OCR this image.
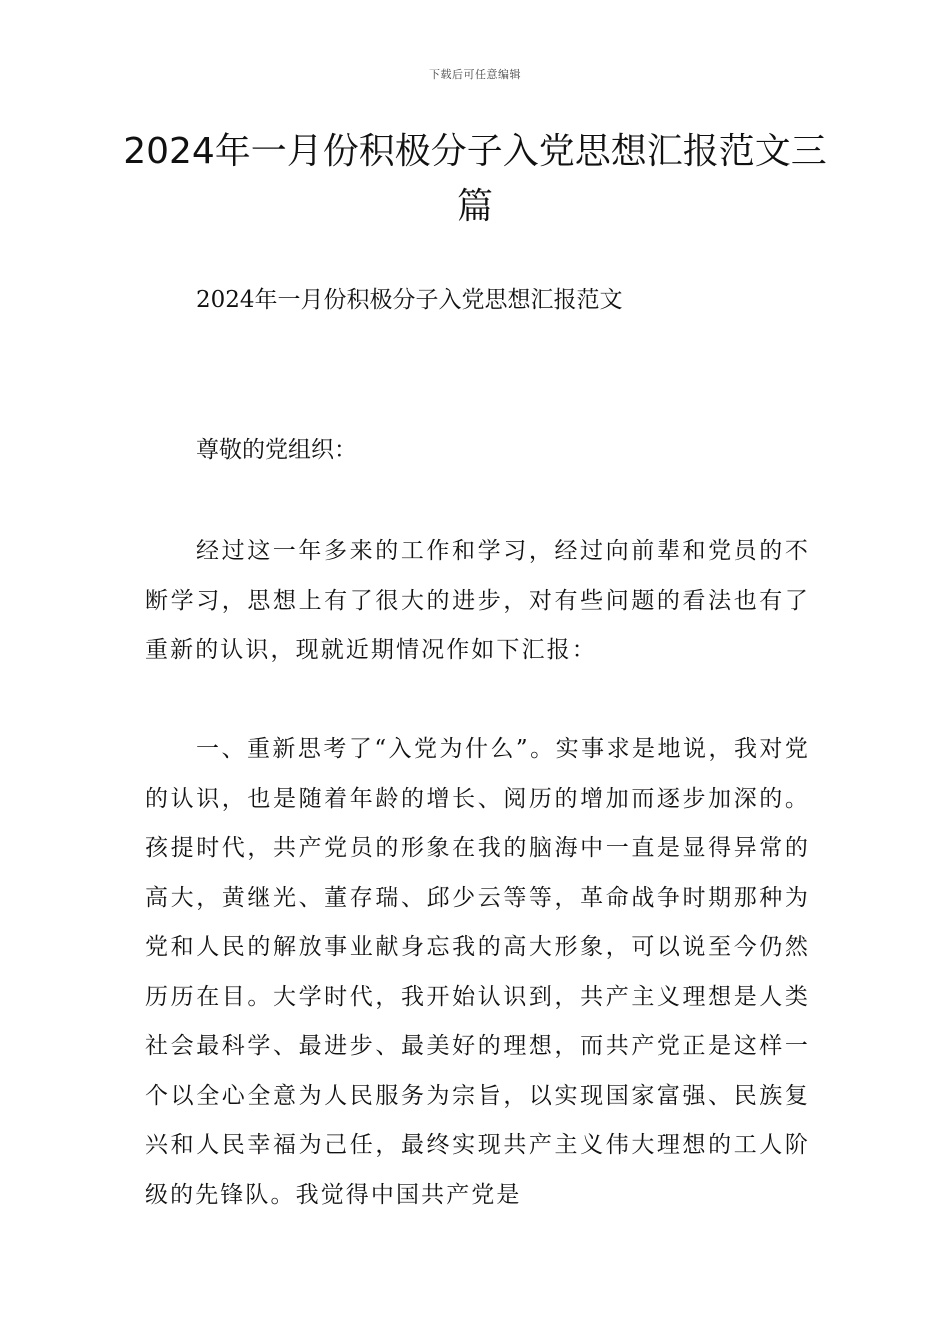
下载后可任意编辑
2024年一月份积极分子入党思想汇报范文三篇
2024年一月份积极分子入党思想汇报范文
尊敬的党组织：

经过这一年多来的工作和学习，经过向前辈和党员的不断学习，思想上有了很大的进步，对有些问题的看法也有了重新的认识，现就近期情况作如下汇报：

一、重新思考了“入党为什么”。实事求是地说，我对党的认识，也是随着年龄的增长、阅历的增加而逐步加深的。孩提时代，共产党员的形象在我的脑海中一直是显得异常的高大，黄继光、董存瑞、邱少云等等，革命战争时期那种为党和人民的解放事业献身忘我的高大形象，可以说至今仍然历历在目。大学时代，我开始认识到，共产主义理想是人类社会最科学、最进步、最美好的理想，而共产党正是这样一个以全心全意为人民服务为宗旨，以实现国家富强、民族复兴和人民幸福为己任，最终实现共产主义伟大理想的工人阶级的先锋队。我觉得中国共产党是
